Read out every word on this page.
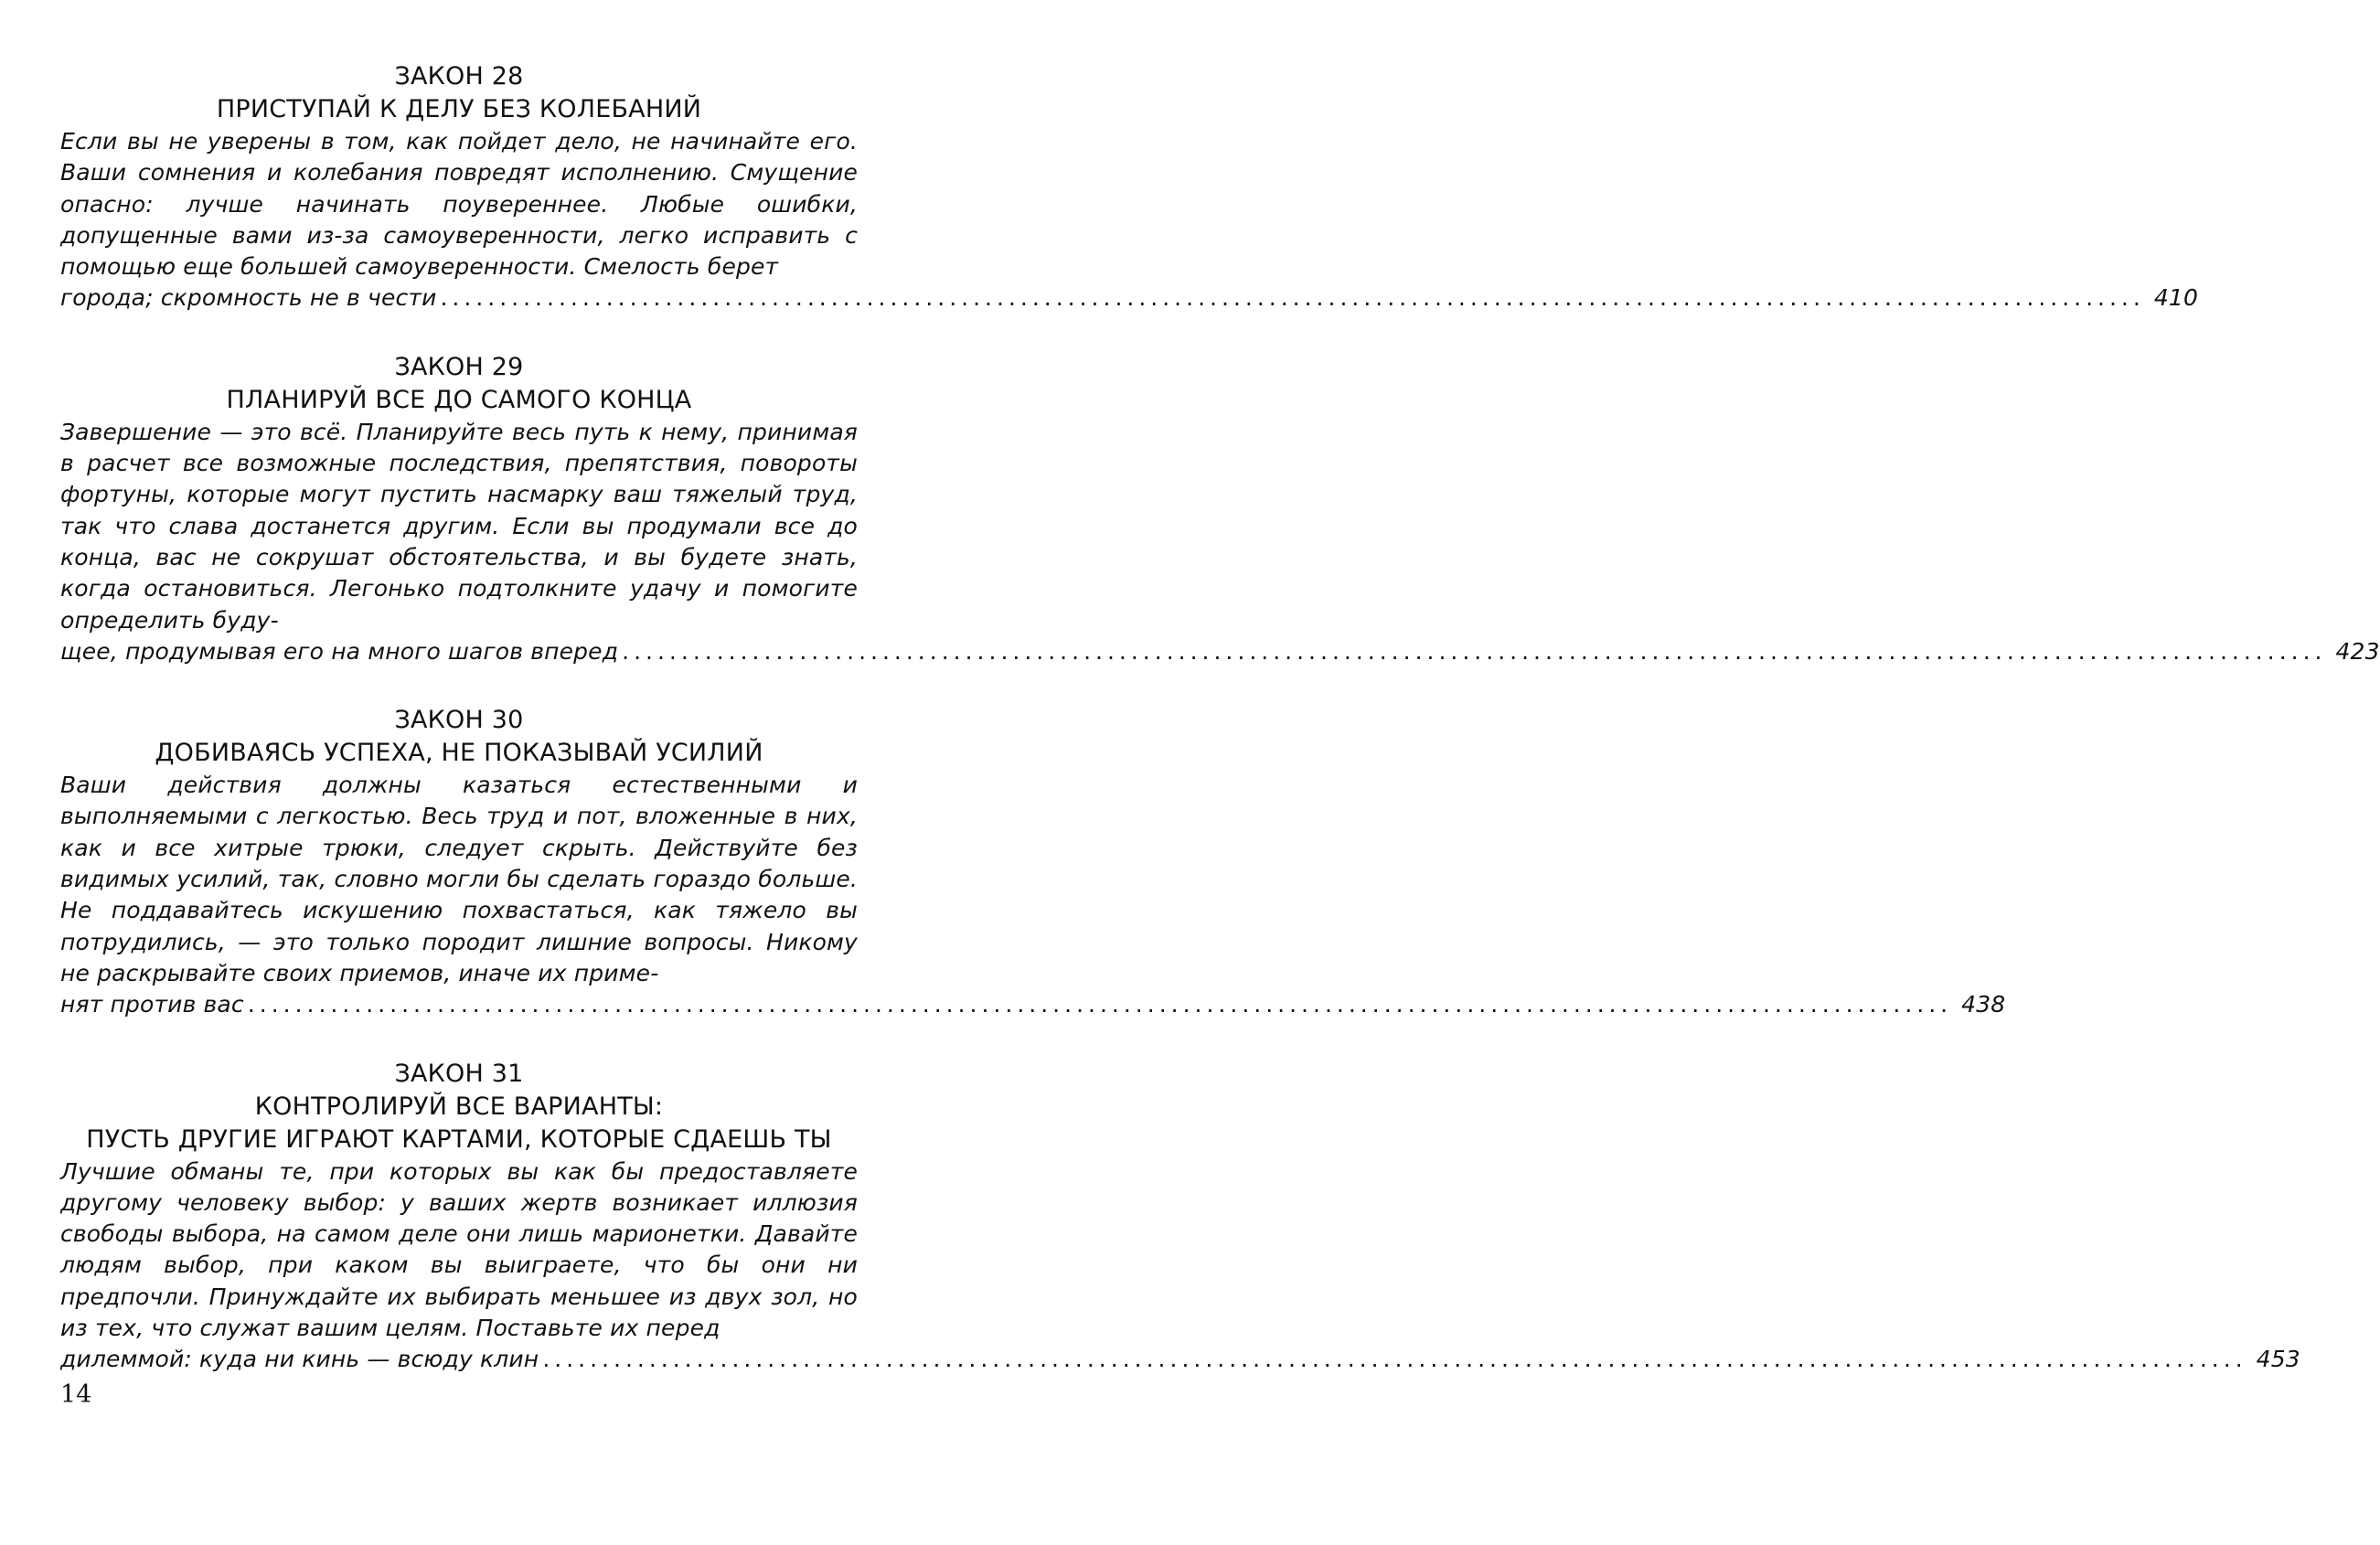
ЗАКОН 28
ПРИСТУПАЙ К ДЕЛУ БЕЗ КОЛЕБАНИЙ

Если вы не уверены в том, как пойдет дело, не начинайте его. Ваши сомнения и колебания повредят исполнению. Смущение опасно: лучше начинать поувереннее. Любые ошибки, допущенные вами из-за самоуверенности, легко исправить с помощью еще большей самоуверенности. Смелость берет

города; скромность не в чести ................................................................................................................................................ 410
ЗАКОН 29
ПЛАНИРУЙ ВСЕ ДО САМОГО КОНЦА

Завершение — это всё. Планируйте весь путь к нему, принимая в расчет все возможные последствия, препятствия, повороты фортуны, которые могут пустить насмарку ваш тяжелый труд, так что слава достанется другим. Если вы продумали все до конца, вас не сокрушат обстоятельства, и вы будете знать, когда остановиться. Легонько подтолкните удачу и помогите определить буду-

щее, продумывая его на много шагов вперед ................................................................................................................................................ 423
ЗАКОН 30
ДОБИВАЯСЬ УСПЕХА, НЕ ПОКАЗЫВАЙ УСИЛИЙ

Ваши действия должны казаться естественными и выполняемыми с легкостью. Весь труд и пот, вложенные в них, как и все хитрые трюки, следует скрыть. Действуйте без видимых усилий, так, словно могли бы сделать гораздо больше. Не поддавайтесь искушению похвастаться, как тяжело вы потрудились, — это только породит лишние вопросы. Никому не раскрывайте своих приемов, иначе их приме-

нят против вас ................................................................................................................................................ 438
ЗАКОН 31
КОНТРОЛИРУЙ ВСЕ ВАРИАНТЫ:
ПУСТЬ ДРУГИЕ ИГРАЮТ КАРТАМИ, КОТОРЫЕ СДАЕШЬ ТЫ

Лучшие обманы те, при которых вы как бы предоставляете другому человеку выбор: у ваших жертв возникает иллюзия свободы выбора, на самом деле они лишь марионетки. Давайте людям выбор, при каком вы выиграете, что бы они ни предпочли. Принуждайте их выбирать меньшее из двух зол, но из тех, что служат вашим целям. Поставьте их перед

дилеммой: куда ни кинь — всюду клин ................................................................................................................................................ 453
14
